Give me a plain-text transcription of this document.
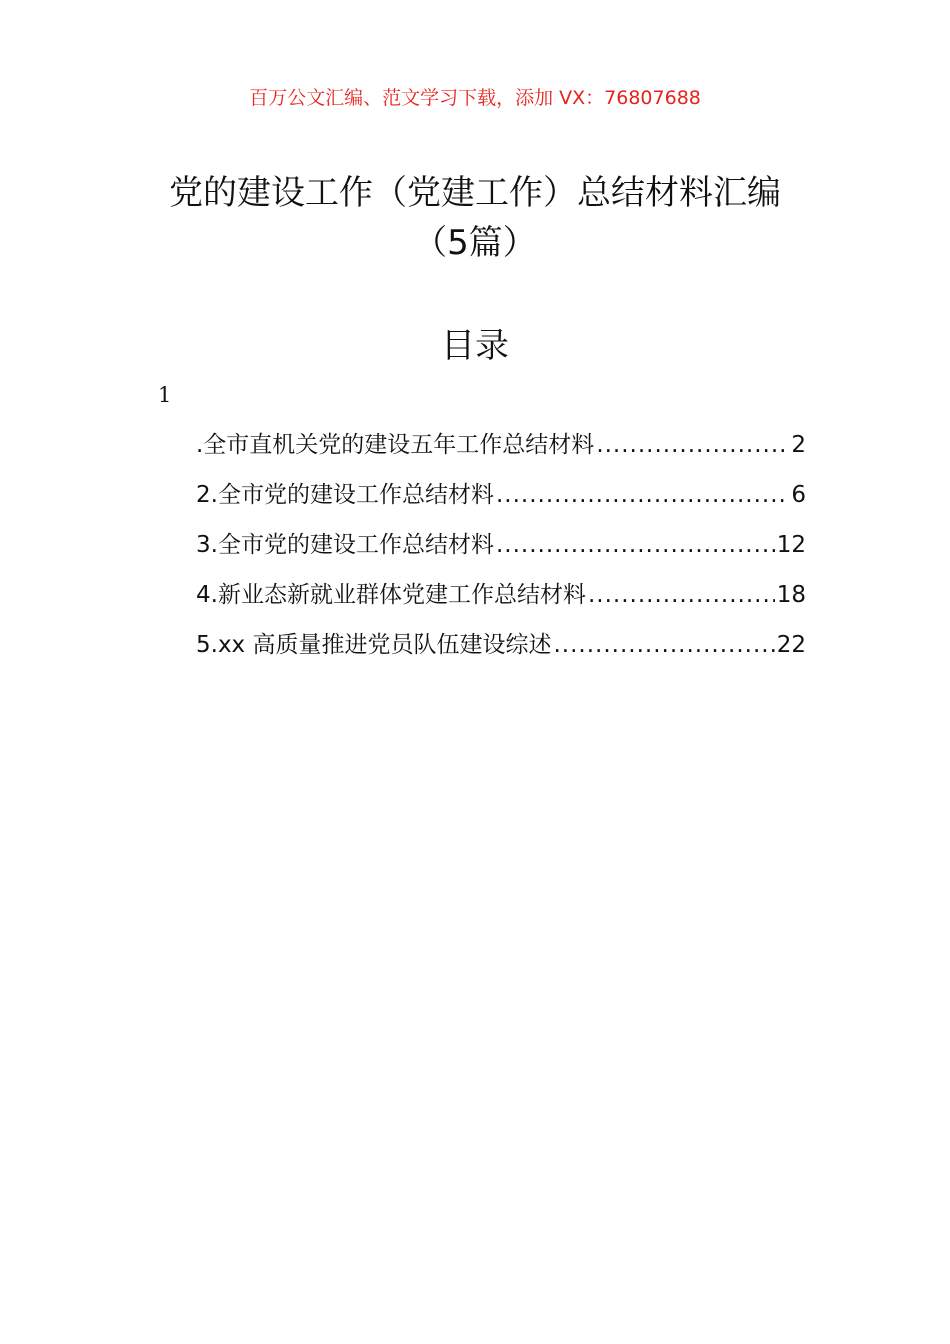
百万公文汇编、范文学习下载，添加 VX：76807688
党的建设工作（党建工作）总结材料汇编
（5篇）
目录
1
.全市直机关党的建设五年工作总结材料 .....	2
2.全市党的建设工作总结材料 .....	6
3.全市党的建设工作总结材料 .....	12
4.新业态新就业群体党建工作总结材料 .....	18
5.xx 高质量推进党员队伍建设综述 .....	22
